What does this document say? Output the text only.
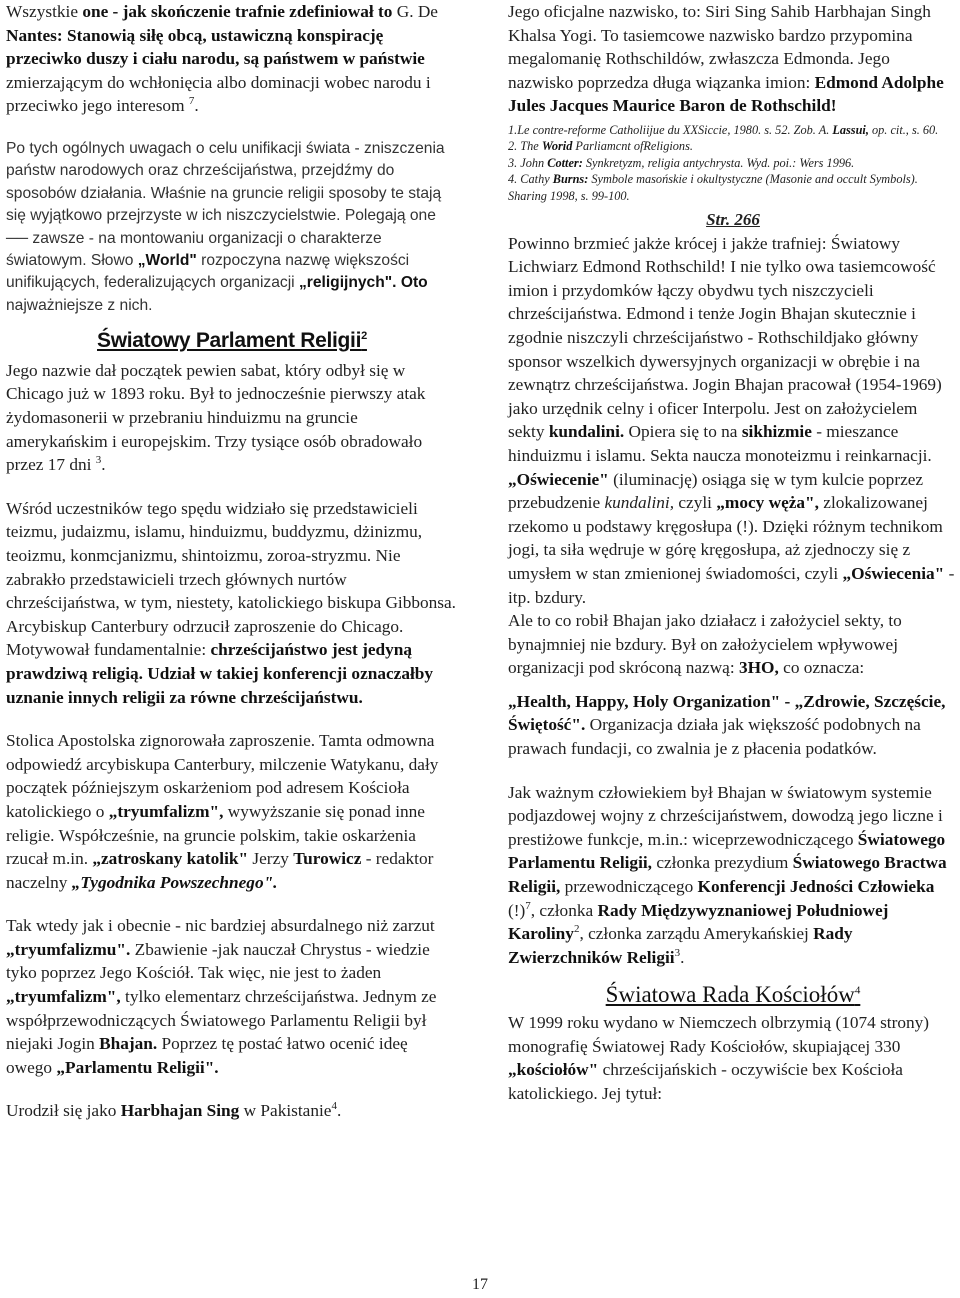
Wszystkie one - jak skończenie trafnie zdefiniował to G. De Nantes: Stanowią siłę obcą, ustawiczną konspirację przeciwko duszy i ciału narodu, są państwem w państwie zmierzającym do wchłonięcia albo dominacji wobec narodu i przeciwko jego interesom $^7$.

Po tych ogólnych uwagach o celu unifikacji świata - zniszczenia państw narodowych oraz chrześcijaństwa, przejdźmy do sposobów działania. Właśnie na gruncie religii sposoby te stają się wyjątkowo przejrzyste w ich niszczycielstwie. Polegają one ── zawsze - na montowaniu organizacji o charakterze światowym. Słowo „World" rozpoczyna nazwę większości unifikujących, federalizujących organizacji „religijnych". Oto najważniejsze z nich.

Światowy Parlament Religii$^2$

Jego nazwie dał początek pewien sabat, który odbył się w Chicago już w 1893 roku. Był to jednocześnie pierwszy atak żydomasonerii w przebraniu hinduizmu na gruncie amerykańskim i europejskim. Trzy tysiące osób obradowało przez 17 dni $^3$.

Wśród uczestników tego spędu widziało się przedstawicieli teizmu, judaizmu, islamu, hinduizmu, buddyzmu, dżinizmu, teoizmu, konmcjanizmu, shintoizmu, zoroa-stryzmu. Nie zabrakło przedstawicieli trzech głównych nurtów chrześcijaństwa, w tym, niestety, katolickiego biskupa Gibbonsa. Arcybiskup Canterbury odrzucił zaproszenie do Chicago. Motywował fundamentalnie: chrześcijaństwo jest jedyną prawdziwą religią. Udział w takiej konferencji oznaczałby uznanie innych religii za równe chrześcijaństwu.

Stolica Apostolska zignorowała zaproszenie. Tamta odmowna odpowiedź arcybiskupa Canterbury, milczenie Watykanu, dały początek późniejszym oskarżeniom pod adresem Kościoła katolickiego o „tryumfalizm", wywyższanie się ponad inne religie. Współcześnie, na gruncie polskim, takie oskarżenia rzucał m.in. „zatroskany katolik" Jerzy Turowicz - redaktor naczelny „Tygodnika Powszechnego".

Tak wtedy jak i obecnie - nic bardziej absurdalnego niż zarzut „tryumfalizmu". Zbawienie -jak nauczał Chrystus - wiedzie tyko poprzez Jego Kościół. Tak więc, nie jest to żaden „tryumfalizm", tylko elementarz chrześcijaństwa. Jednym ze współprzewodniczących Światowego Parlamentu Religii był niejaki Jogin Bhajan. Poprzez tę postać łatwo ocenić ideę owego „Parlamentu Religii".

Urodził się jako Harbhajan Sing w Pakistanie$^4$.

Jego oficjalne nazwisko, to: Siri Sing Sahib Harbhajan Singh Khalsa Yogi. To tasiemcowe nazwisko bardzo przypomina megalomanię Rothschildów, zwłaszcza Edmonda. Jego nazwisko poprzedza długa wiązanka imion: Edmond Adolphe Jules Jacques Maurice Baron de Rothschild!

1.Le contre-reforme Catholiijue du XXSiccie, 1980. s. 52. Zob. A. Lassui, op. cit., s. 60.
2. The Worid Parliamcnt ofReligions.
3. John Cotter: Synkretyzm, religia antychrysta. Wyd. poi.: Wers 1996.
4. Cathy Burns: Symbole masońskie i okultystyczne (Masonie and occult Symbols). Sharing 1998, s. 99-100.
Str. 266

Powinno brzmieć jakże krócej i jakże trafniej: Światowy Lichwiarz Edmond Rothschild! I nie tylko owa tasiemcowość imion i przydomków łączy obydwu tych niszczycieli chrześcijaństwa. Edmond i tenże Jogin Bhajan skutecznie i zgodnie niszczyli chrześcijaństwo - Rothschildjako główny sponsor wszelkich dywersyjnych organizacji w obrębie i na zewnątrz chrześcijaństwa. Jogin Bhajan pracował (1954-1969) jako urzędnik celny i oficer Interpolu. Jest on założycielem sekty kundalini. Opiera się to na sikhizmie - mieszance hinduizmu i islamu. Sekta naucza monoteizmu i reinkarnacji. „Oświecenie" (iluminację) osiąga się w tym kulcie poprzez przebudzenie kundalini, czyli „mocy węża", zlokalizowanej rzekomo u podstawy kręgosłupa (!). Dzięki różnym technikom jogi, ta siła wędruje w górę kręgosłupa, aż zjednoczy się z umysłem w stan zmienionej świadomości, czyli „Oświecenia" - itp. bzdury.

Ale to co robił Bhajan jako działacz i założyciel sekty, to bynajmniej nie bzdury. Był on założycielem wpływowej organizacji pod skróconą nazwą: 3HO, co oznacza:

„Health, Happy, Holy Organization" - „Zdrowie, Szczęście, Świętość". Organizacja działa jak większość podobnych na prawach fundacji, co zwalnia je z płacenia podatków.

Jak ważnym człowiekiem był Bhajan w światowym systemie podjazdowej wojny z chrześcijaństwem, dowodzą jego liczne i prestiżowe funkcje, m.in.: wiceprzewodniczącego Światowego Parlamentu Religii, członka prezydium Światowego Bractwa Religii, przewodniczącego Konferencji Jedności Człowieka (!)$^7$, członka Rady Międzywyznaniowej Południowej Karoliny$^2$, członka zarządu Amerykańskiej Rady Zwierzchników Religii$^3$.

Światowa Rada Kościołów$^4$

W 1999 roku wydano w Niemczech olbrzymią (1074 strony) monografię Światowej Rady Kościołów, skupiającej 330 „kościołów" chrześcijańskich - oczywiście bex Kościoła katolickiego. Jej tytuł:

17
